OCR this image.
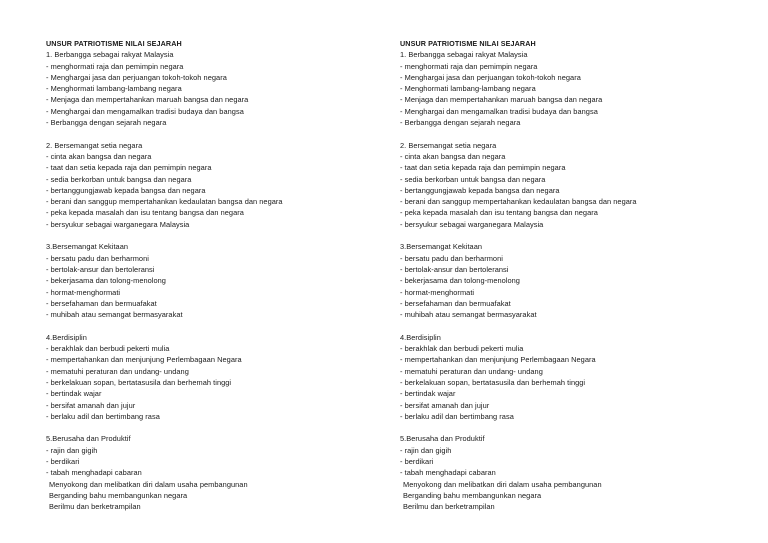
UNSUR PATRIOTISME NILAI SEJARAH
1. Berbangga sebagai rakyat Malaysia
- menghormati raja dan pemimpin negara
- Menghargai jasa dan perjuangan tokoh-tokoh negara
- Menghormati lambang-lambang negara
- Menjaga dan mempertahankan maruah bangsa dan negara
- Menghargai dan mengamalkan tradisi budaya dan bangsa
- Berbangga dengan sejarah negara
2. Bersemangat setia negara
- cinta akan bangsa dan negara
- taat dan setia kepada raja dan pemimpin negara
- sedia berkorban untuk bangsa dan negara
- bertanggungjawab kepada bangsa dan negara
- berani dan sanggup mempertahankan kedaulatan bangsa dan negara
- peka kepada masalah dan isu tentang bangsa dan negara
- bersyukur sebagai warganegara Malaysia
3.Bersemangat Kekitaan
- bersatu padu dan berharmoni
- bertolak-ansur dan bertoleransi
- bekerjasama dan tolong-menolong
- hormat-menghormati
- bersefahaman dan bermuafakat
- muhibah atau semangat bermasyarakat
4.Berdisiplin
- berakhlak dan berbudi pekerti mulia
- mempertahankan dan menjunjung Perlembagaan Negara
- mematuhi peraturan dan undang- undang
- berkelakuan sopan, bertatasusila dan berhemah tinggi
- bertindak wajar
- bersifat amanah dan jujur
- berlaku adil dan bertimbang rasa
5.Berusaha dan Produktif
- rajin dan gigih
- berdikari
- tabah menghadapi cabaran
Menyokong dan melibatkan diri dalam usaha pembangunan
Berganding bahu membangunkan negara
Berilmu dan berketrampilan
UNSUR PATRIOTISME NILAI SEJARAH
1. Berbangga sebagai rakyat Malaysia
- menghormati raja dan pemimpin negara
- Menghargai jasa dan perjuangan tokoh-tokoh negara
- Menghormati lambang-lambang negara
- Menjaga dan mempertahankan maruah bangsa dan negara
- Menghargai dan mengamalkan tradisi budaya dan bangsa
- Berbangga dengan sejarah negara
2. Bersemangat setia negara
- cinta akan bangsa dan negara
- taat dan setia kepada raja dan pemimpin negara
- sedia berkorban untuk bangsa dan negara
- bertanggungjawab kepada bangsa dan negara
- berani dan sanggup mempertahankan kedaulatan bangsa dan negara
- peka kepada masalah dan isu tentang bangsa dan negara
- bersyukur sebagai warganegara Malaysia
3.Bersemangat Kekitaan
- bersatu padu dan berharmoni
- bertolak-ansur dan bertoleransi
- bekerjasama dan tolong-menolong
- hormat-menghormati
- bersefahaman dan bermuafakat
- muhibah atau semangat bermasyarakat
4.Berdisiplin
- berakhlak dan berbudi pekerti mulia
- mempertahankan dan menjunjung Perlembagaan Negara
- mematuhi peraturan dan undang- undang
- berkelakuan sopan, bertatasusila dan berhemah tinggi
- bertindak wajar
- bersifat amanah dan jujur
- berlaku adil dan bertimbang rasa
5.Berusaha dan Produktif
- rajin dan gigih
- berdikari
- tabah menghadapi cabaran
Menyokong dan melibatkan diri dalam usaha pembangunan
Berganding bahu membangunkan negara
Berilmu dan berketrampilan
